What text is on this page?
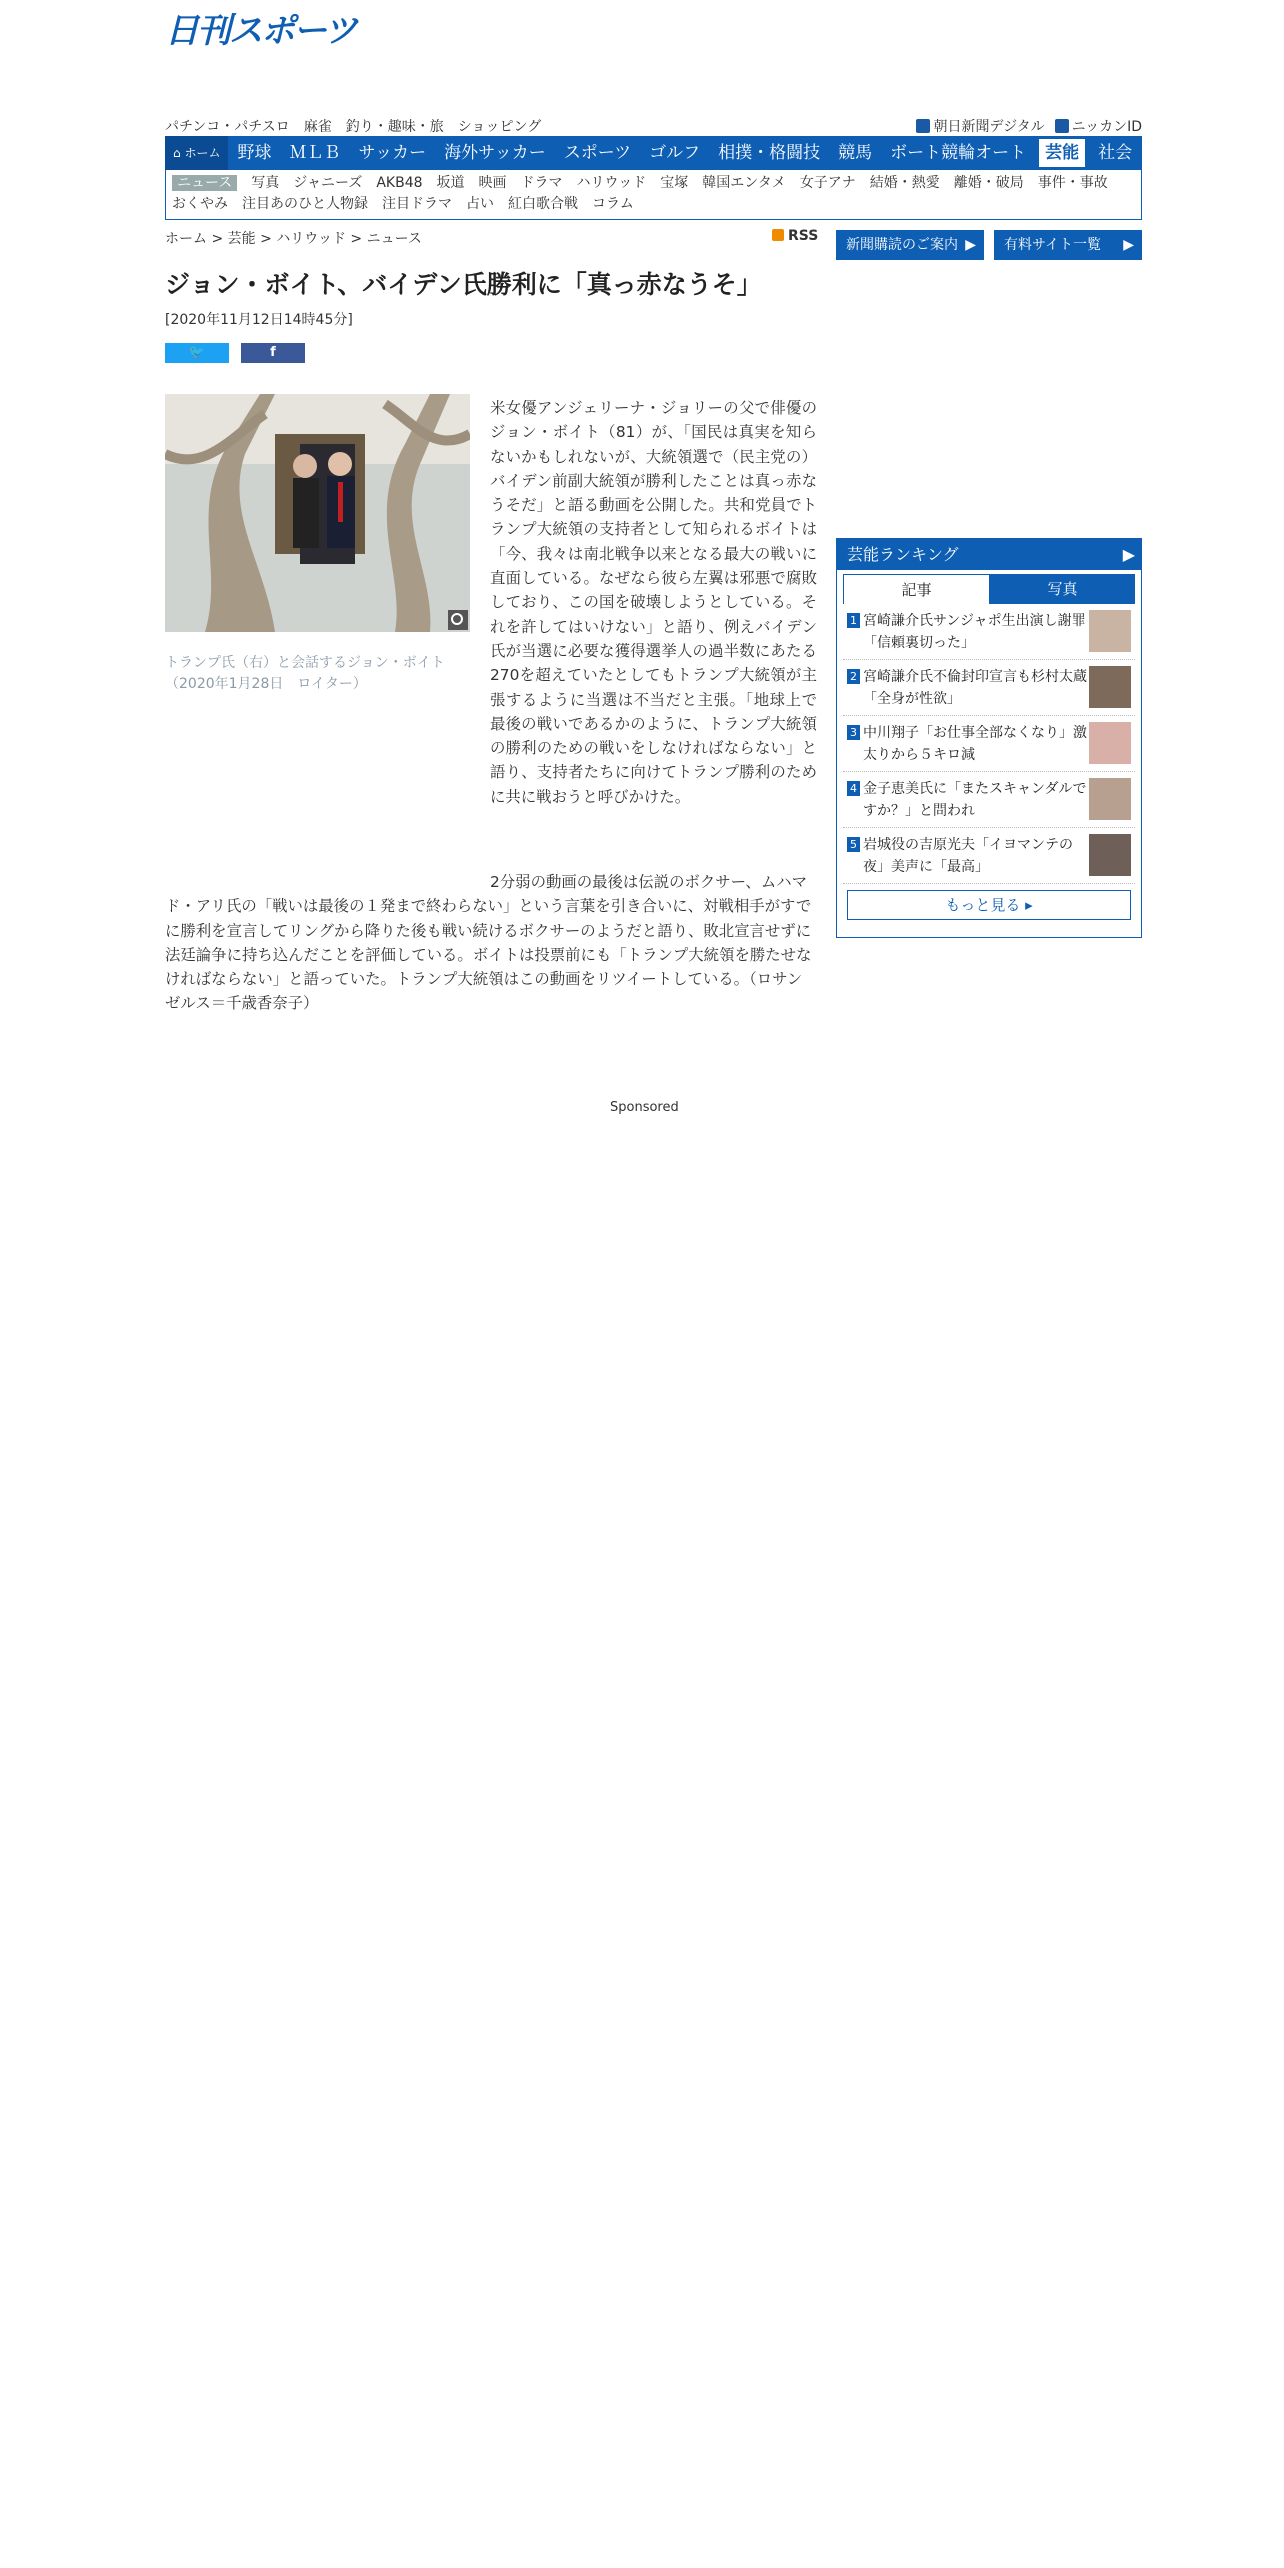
日刊スポーツ
パチンコ・パチスロ 麻雀 釣り・趣味・旅 ショッピング	朝日新聞デジタル	ニッカンID
⌂
ホーム	野球	ＭＬＢ	サッカー	海外サッカー	スポーツ	ゴルフ	相撲・格闘技	競馬	ボート競輪オート	芸能	社会
ニュース 写真 ジャニーズ AKB48 坂道 映画 ドラマ ハリウッド 宝塚 韓国エンタメ 女子アナ 結婚・熱愛 離婚・破局 事件・事故
おくやみ 注目あのひと人物録 注目ドラマ 占い 紅白歌合戦 コラム
ホーム > 芸能 > ハリウッド > ニュース	RSS
ジョン・ボイト、バイデン氏勝利に「真っ赤なうそ」
[2020年11月12日14時45分]
🐦	f
トランプ氏（右）と会話するジョン・ボイト（2020年1月28日　ロイター）
米女優アンジェリーナ・ジョリーの父で俳優のジョン・ボイト（81）が、「国民は真実を知らないかもしれないが、大統領選で（民主党の）バイデン前副大統領が勝利したことは真っ赤なうそだ」と語る動画を公開した。共和党員でトランプ大統領の支持者として知られるボイトは「今、我々は南北戦争以来となる最大の戦いに直面している。なぜなら彼ら左翼は邪悪で腐敗しており、この国を破壊しようとしている。それを許してはいけない」と語り、例えバイデン氏が当選に必要な獲得選挙人の過半数にあたる270を超えていたとしてもトランプ大統領が主張するように当選は不当だと主張。「地球上で最後の戦いであるかのように、トランプ大統領の勝利のための戦いをしなければならない」と語り、支持者たちに向けてトランプ勝利のために共に戦おうと呼びかけた。
2分弱の動画の最後は伝説のボクサー、ムハマド・アリ氏の「戦いは最後の１発まで終わらない」という言葉を引き合いに、対戦相手がすでに勝利を宣言してリングから降りた後も戦い続けるボクサーのようだと語り、敗北宣言せずに法廷論争に持ち込んだことを評価している。ボイトは投票前にも「トランプ大統領を勝たせなければならない」と語っていた。トランプ大統領はこの動画をリツイートしている。（ロサンゼルス＝千歳香奈子）
Sponsored
新聞購読のご案内 ▶	有料サイト一覧 ▶
芸能ランキング	▶
記事	写真
1 宮崎謙介氏サンジャポ生出演し謝罪「信頼裏切った」
2 宮崎謙介氏不倫封印宣言も杉村太蔵「全身が性欲」
3 中川翔子「お仕事全部なくなり」激太りから５キロ減
4 金子恵美氏に「またスキャンダルですか？」と問われ
5 岩城役の吉原光夫「イヨマンテの夜」美声に「最高」
もっと見る ▸
